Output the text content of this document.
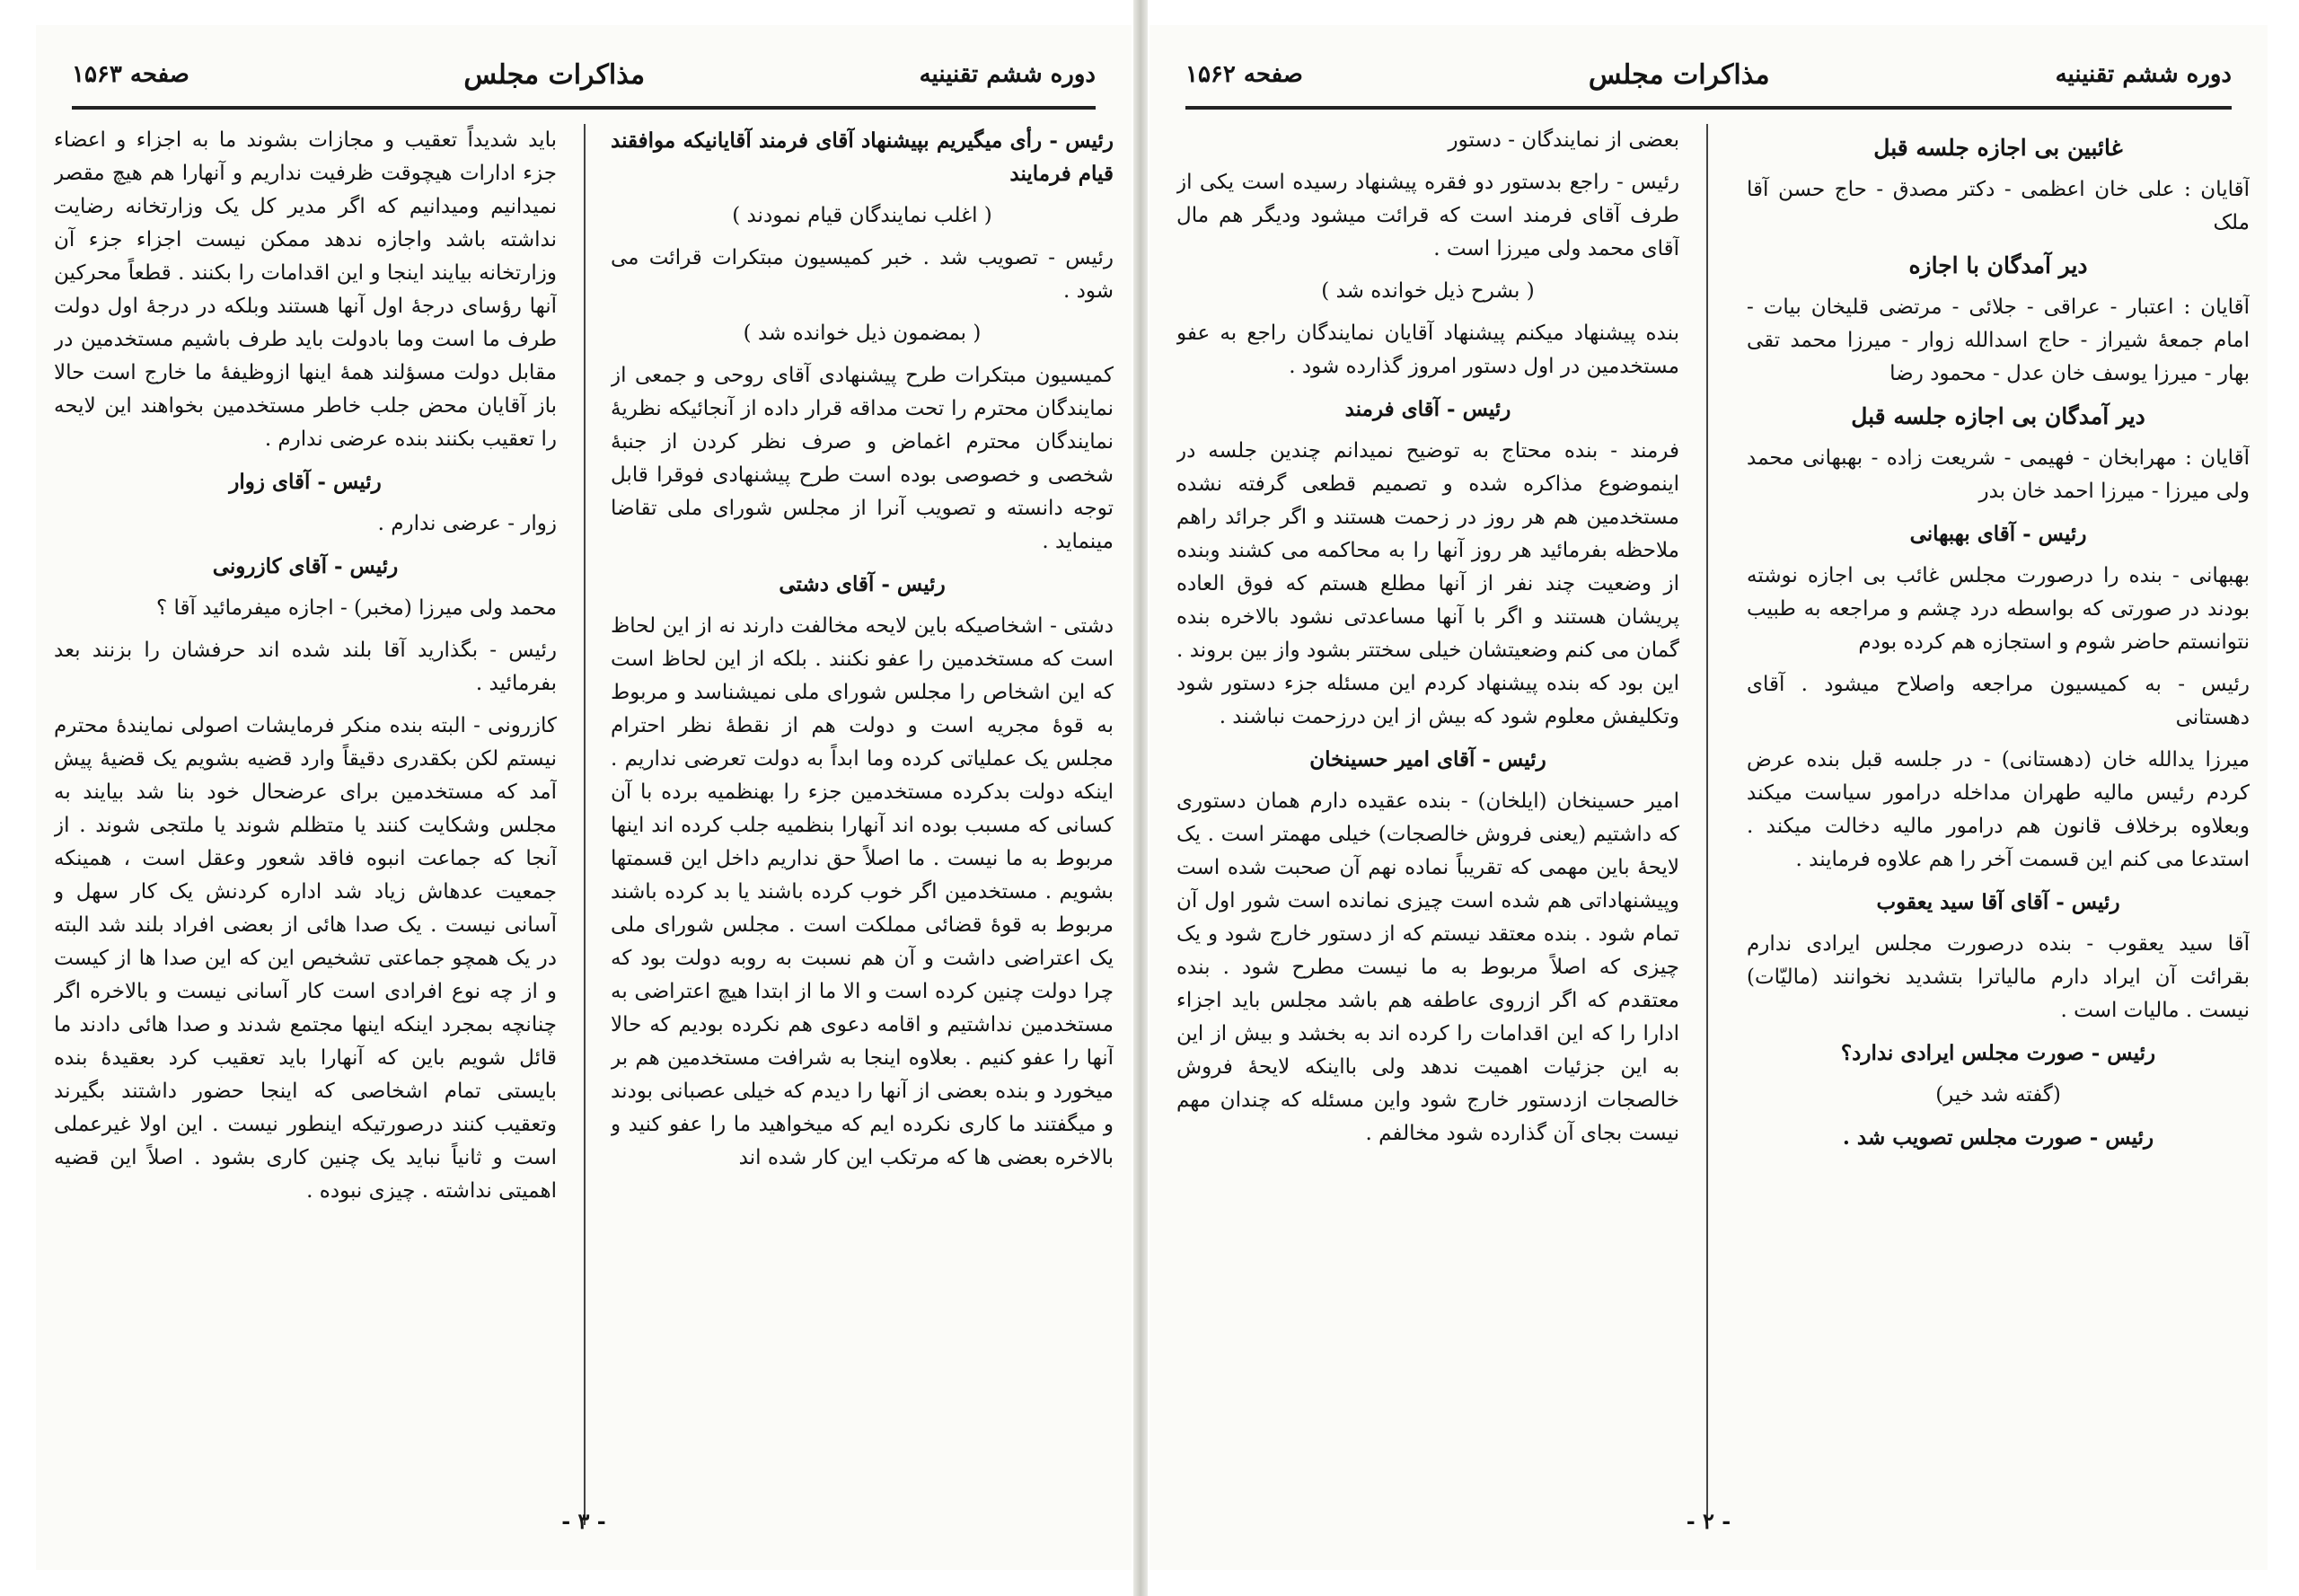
صفحه ۱۵۶۳	مذاکرات مجلس	دوره ششم تقنینیه

رئیس - رأی میگیریم بپیشنهاد آقای فرمند آقایانیکه موافقند قیام فرمایند

( اغلب نمایندگان قیام نمودند )

رئیس - تصویب شد . خبر کمیسیون مبتکرات قرائت می شود .

( بمضمون ذیل خوانده شد )

کمیسیون مبتکرات طرح پیشنهادی آقای روحی و جمعی از نمایندگان محترم را تحت مداقه قرار داده از آنجائیکه نظریهٔ نمایندگان محترم اغماض و صرف نظر کردن از جنبهٔ شخصی و خصوصی بوده است طرح پیشنهادی فوقرا قابل توجه دانسته و تصویب آنرا از مجلس شورای ملی تقاضا مینماید .

رئیس - آقای دشتی

دشتی - اشخاصیکه باین لایحه مخالفت دارند نه از این لحاظ است که مستخدمین را عفو نکنند . بلکه از این لحاظ است که این اشخاص را مجلس شورای ملی نمیشناسد و مربوط به قوهٔ مجریه است و دولت هم از نقطهٔ نظر احترام مجلس یک عملیاتی کرده وما ابداً به دولت تعرضی نداریم . اینکه دولت بدکرده مستخدمین جزء را بهنظمیه برده با آن کسانی که مسبب بوده اند آنهارا بنظمیه جلب کرده اند اینها مربوط به ما نیست . ما اصلاً حق نداریم داخل این قسمتها بشویم . مستخدمین اگر خوب کرده باشند یا بد کرده باشند مربوط به قوهٔ قضائی مملکت است . مجلس شورای ملی یک اعتراضی داشت و آن هم نسبت به روبه دولت بود که چرا دولت چنین کرده است و الا ما از ابتدا هیچ اعتراضی به مستخدمین نداشتیم و اقامه دعوی هم نکرده بودیم که حالا آنها را عفو کنیم . بعلاوه اینجا به شرافت مستخدمین هم بر میخورد و بنده بعضی از آنها را دیدم که خیلی عصبانی بودند و میگفتند ما کاری نکرده ایم که میخواهید ما را عفو کنید و بالاخره بعضی ها که مرتکب این کار شده اند

باید شدیداً تعقیب و مجازات بشوند ما به اجزاء و اعضاء جزء ادارات هیچوقت ظرفیت نداریم و آنهارا هم هیچ مقصر نمیدانیم ومیدانیم که اگر مدیر کل یک وزارتخانه رضایت نداشته باشد واجازه ندهد ممکن نیست اجزاء جزء آن وزارتخانه بیایند اینجا و این اقدامات را بکنند . قطعاً محرکین آنها رؤسای درجهٔ اول آنها هستند وبلکه در درجهٔ اول دولت طرف ما است وما بادولت باید طرف باشیم مستخدمین در مقابل دولت مسؤلند همهٔ اینها ازوظیفهٔ ما خارج است حالا باز آقایان محض جلب خاطر مستخدمین بخواهند این لایحه را تعقیب بکنند بنده عرضی ندارم .

رئیس - آقای زوار

زوار - عرضی ندارم .

رئیس - آقای کازرونی

محمد ولی میرزا (مخبر) - اجازه میفرمائید آقا ؟

رئیس - بگذارید آقا بلند شده اند حرفشان را بزنند بعد بفرمائید .

کازرونی - البته بنده منکر فرمایشات اصولی نمایندهٔ محترم نیستم لکن بکقدری دقیقاً وارد قضیه بشویم یک قضیهٔ پیش آمد که مستخدمین برای عرضحال خود بنا شد بیایند به مجلس وشکایت کنند یا متظلم شوند یا ملتجی شوند . از آنجا که جماعت انبوه فاقد شعور وعقل است ، همینکه جمعیت عدهاش زیاد شد اداره کردنش یک کار سهل و آسانی نیست . یک صدا هائی از بعضی افراد بلند شد البته در یک همچو جماعتی تشخیص این که این صدا ها از کیست و از چه نوع افرادی است کار آسانی نیست و بالاخره اگر چنانچه بمجرد اینکه اینها مجتمع شدند و صدا هائی دادند ما قائل شویم باین که آنهارا باید تعقیب کرد بعقیدهٔ بنده بایستی تمام اشخاصی که اینجا حضور داشتند بگیرند وتعقیب کنند درصورتیکه اینطور نیست . این اولا غیرعملی است و ثانیاً نباید یک چنین کاری بشود . اصلاً این قضیه اهمیتی نداشته . چیزی نبوده .

- ۳ -
صفحه ۱۵۶۲	مذاکرات مجلس	دوره ششم تقنینیه

غائبین بی اجازه جلسه قبل

آقایان : علی خان اعظمی - دکتر مصدق - حاج حسن آقا ملک

دیر آمدگان با اجازه

آقایان : اعتبار - عراقی - جلائی - مرتضی قلیخان بیات - امام جمعهٔ شیراز - حاج اسدالله زوار - میرزا محمد تقی بهار - میرزا یوسف خان عدل - محمود رضا

دیر آمدگان بی اجازه جلسه قبل

آقایان : مهرابخان - فهیمی - شریعت زاده - بهبهانی محمد ولی میرزا - میرزا احمد خان بدر

رئیس - آقای بهبهانی

بهبهانی - بنده را درصورت مجلس غائب بی اجازه نوشته بودند در صورتی که بواسطه درد چشم و مراجعه به طبیب نتوانستم حاضر شوم و استجازه هم کرده بودم

رئیس - به کمیسیون مراجعه واصلاح میشود . آقای دهستانی

میرزا یدالله خان (دهستانی) - در جلسه قبل بنده عرض کردم رئیس مالیه طهران مداخله درامور سیاست میکند وبعلاوه برخلاف قانون هم درامور مالیه دخالت میکند . استدعا می کنم این قسمت آخر را هم علاوه فرمایند .

رئیس - آقای آقا سید یعقوب

آقا سید یعقوب - بنده درصورت مجلس ایرادی ندارم بقرائت آن ایراد دارم مالیاترا بتشدید نخوانند (مالیّات) نیست . مالیات است .

رئیس - صورت مجلس ایرادی ندارد؟

(گفته شد خیر)

رئیس - صورت مجلس تصویب شد .

بعضی از نمایندگان - دستور

رئیس - راجع بدستور دو فقره پیشنهاد رسیده است یکی از طرف آقای فرمند است که قرائت میشود ودیگر هم مال آقای محمد ولی میرزا است .

( بشرح ذیل خوانده شد )

بنده پیشنهاد میکنم پیشنهاد آقایان نمایندگان راجع به عفو مستخدمین در اول دستور امروز گذارده شود .

رئیس - آقای فرمند

فرمند - بنده محتاج به توضیح نمیدانم چندین جلسه در اینموضوع مذاکره شده و تصمیم قطعی گرفته نشده مستخدمین هم هر روز در زحمت هستند و اگر جرائد راهم ملاحظه بفرمائید هر روز آنها را به محاکمه می کشند وبنده از وضعیت چند نفر از آنها مطلع هستم که فوق العاده پریشان هستند و اگر با آنها مساعدتی نشود بالاخره بنده گمان می کنم وضعیتشان خیلی سختتر بشود واز بین بروند . این بود که بنده پیشنهاد کردم این مسئله جزء دستور شود وتکلیفش معلوم شود که بیش از این درزحمت نباشند .

رئیس - آقای امیر حسینخان

امیر حسینخان (ایلخان) - بنده عقیده دارم همان دستوری که داشتیم (یعنی فروش خالصجات) خیلی مهمتر است . یک لایحهٔ باین مهمی که تقریباً نماده نهم آن صحبت شده است وپیشنهاداتی هم شده است چیزی نمانده است شور اول آن تمام شود . بنده معتقد نیستم که از دستور خارج شود و یک چیزی که اصلاً مربوط به ما نیست مطرح شود . بنده معتقدم که اگر ازروی عاطفه هم باشد مجلس باید اجزاء ادارا را که این اقدامات را کرده اند به بخشد و بیش از این به این جزئیات اهمیت ندهد ولی بااینکه لایحهٔ فروش خالصجات ازدستور خارج شود واین مسئله که چندان مهم نیست بجای آن گذارده شود مخالفم .

- ۲ -
